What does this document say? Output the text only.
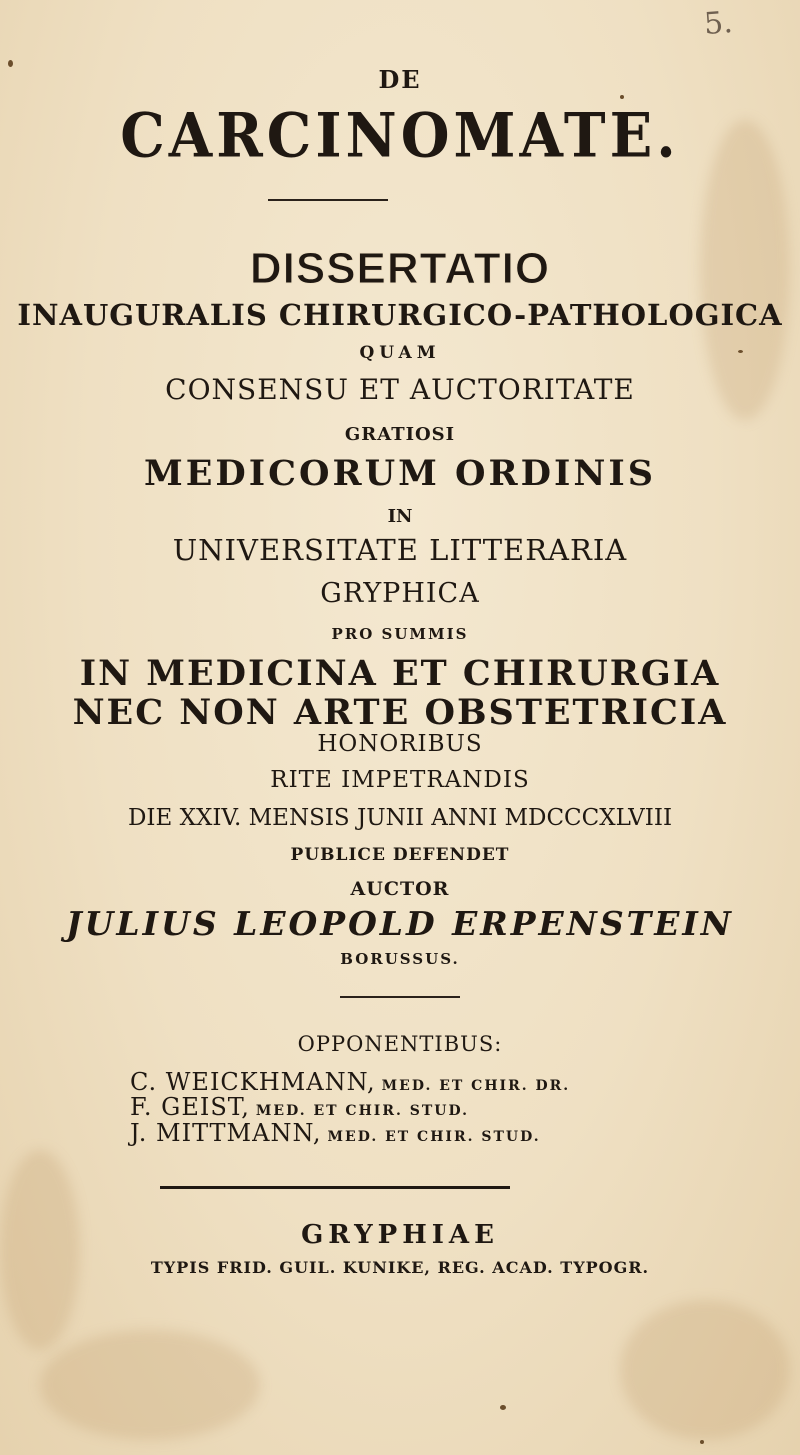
5.
DE
CARCINOMATE.
DISSERTATIO
INAUGURALIS CHIRURGICO-PATHOLOGICA
QUAM
CONSENSU ET AUCTORITATE
GRATIOSI
MEDICORUM ORDINIS
IN
UNIVERSITATE LITTERARIA
GRYPHICA
PRO SUMMIS
IN MEDICINA ET CHIRURGIA
NEC NON ARTE OBSTETRICIA
HONORIBUS
RITE IMPETRANDIS
DIE XXIV. MENSIS JUNII ANNI MDCCCXLVIII
PUBLICE DEFENDET
AUCTOR
JULIUS LEOPOLD ERPENSTEIN
BORUSSUS.
OPPONENTIBUS:
C. WEICKHMANN, MED. ET CHIR. DR.
F. GEIST, MED. ET CHIR. STUD.
J. MITTMANN, MED. ET CHIR. STUD.
GRYPHIAE
TYPIS FRID. GUIL. KUNIKE, REG. ACAD. TYPOGR.
